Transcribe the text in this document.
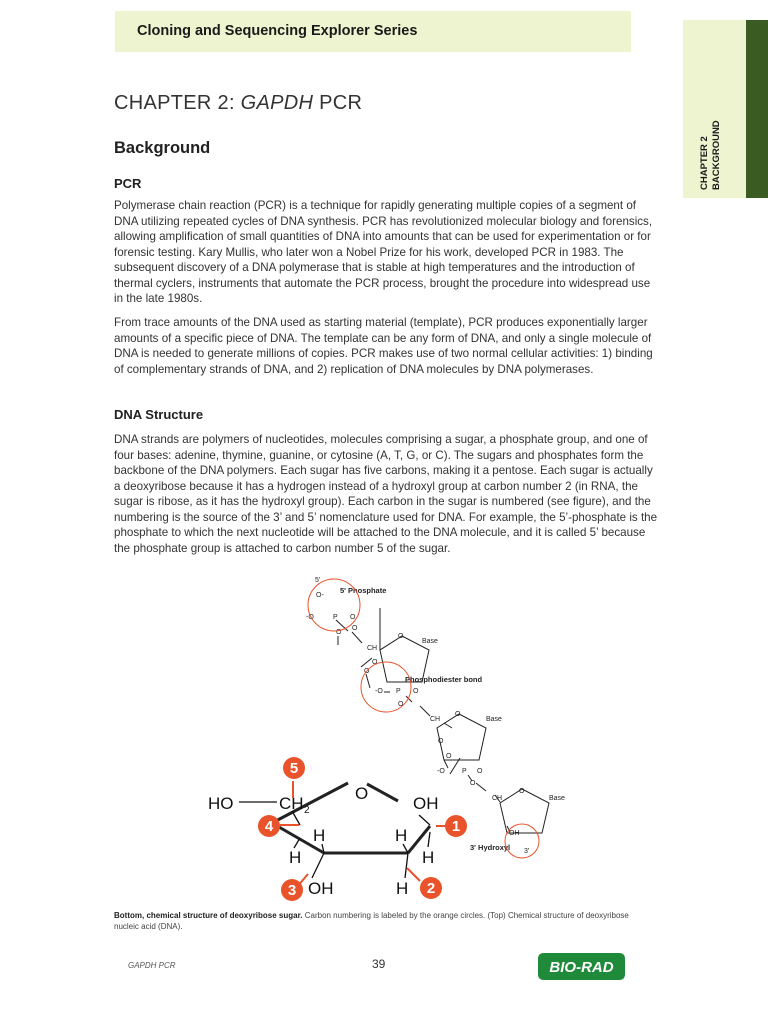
Cloning and Sequencing Explorer Series
CHAPTER 2 BACKGROUND
CHAPTER 2: GAPDH PCR
Background
PCR
Polymerase chain reaction (PCR) is a technique for rapidly generating multiple copies of a segment of DNA utilizing repeated cycles of DNA synthesis. PCR has revolutionized molecular biology and forensics, allowing amplification of small quantities of DNA into amounts that can be used for experimentation or for forensic testing. Kary Mullis, who later won a Nobel Prize for his work, developed PCR in 1983. The subsequent discovery of a DNA polymerase that is stable at high temperatures and the introduction of thermal cyclers, instruments that automate the PCR process, brought the procedure into widespread use in the late 1980s.
From trace amounts of the DNA used as starting material (template), PCR produces exponentially larger amounts of a specific piece of DNA. The template can be any form of DNA, and only a single molecule of DNA is needed to generate millions of copies. PCR makes use of two normal cellular activities: 1) binding of complementary strands of DNA, and 2) replication of DNA molecules by DNA polymerases.
DNA Structure
DNA strands are polymers of nucleotides, molecules comprising a sugar, a phosphate group, and one of four bases: adenine, thymine, guanine, or cytosine (A, T, G, or C). The sugars and phosphates form the backbone of the DNA polymers. Each sugar has five carbons, making it a pentose. Each sugar is actually a deoxyribose because it has a hydrogen instead of a hydroxyl group at carbon number 2 (in RNA, the sugar is ribose, as it has the hydroxyl group). Each carbon in the sugar is numbered (see figure), and the numbering is the source of the 3’ and 5’ nomenclature used for DNA. For example, the 5’-phosphate is the phosphate to which the next nucleotide will be attached to the DNA molecule, and it is called 5’ because the phosphate group is attached to carbon number 5 of the sugar.
5'
O-
-O	P O
O
O
CH
O
Base
O
O
-O P O
O
CH
O
Base
O
O
-O P O
O
CH
O
Base
OH
3'
5' Phosphate
Phosphodiester bond
3' Hydroxyl
HO	CH 2
O
OH
H	H
H	H
OH	H
5
4	1
2
3
Bottom, chemical structure of deoxyribose sugar. Carbon numbering is labeled by the orange circles. (Top) Chemical structure of deoxyribose nucleic acid (DNA).
GAPDH PCR	39	BIO-RAD
